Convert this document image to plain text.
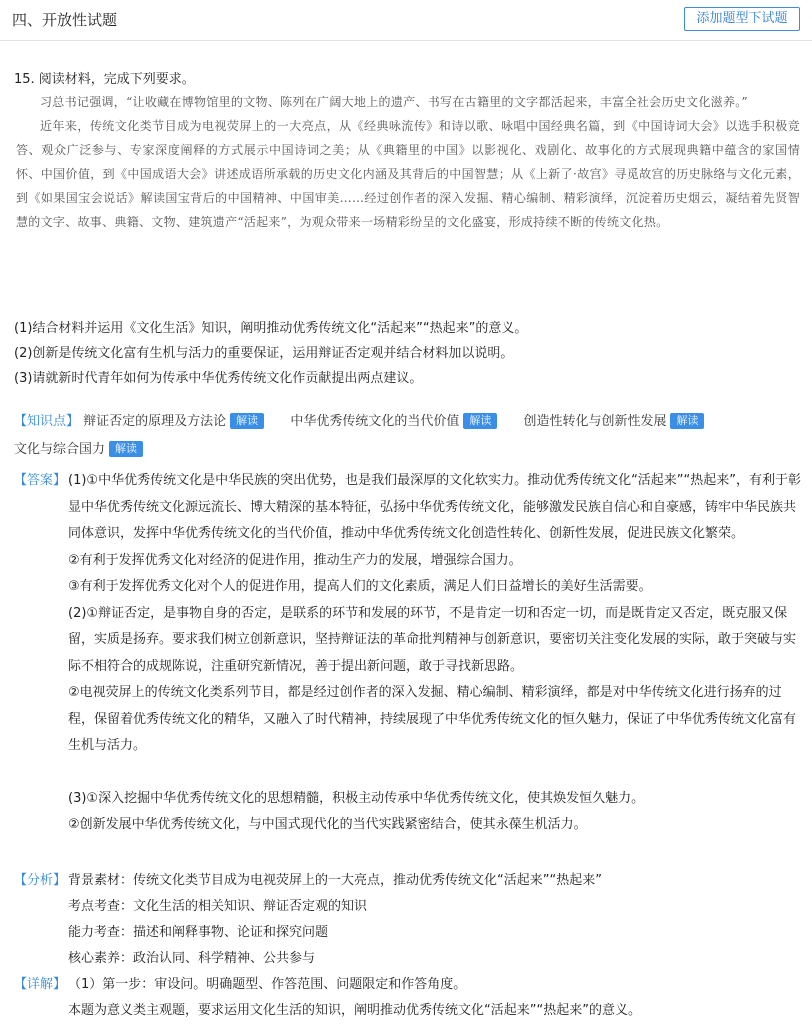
四、开放性试题	添加题型下试题
15. 阅读材料，完成下列要求。

习总书记强调，“让收藏在博物馆里的文物、陈列在广阔大地上的遗产、书写在古籍里的文字都活起来，丰富全社会历史文化滋养。”

近年来，传统文化类节目成为电视荧屏上的一大亮点，从《经典咏流传》和诗以歌、咏唱中国经典名篇，到《中国诗词大会》以选手积极竞答、观众广泛参与、专家深度阐释的方式展示中国诗词之美；从《典籍里的中国》以影视化、戏剧化、故事化的方式展现典籍中蕴含的家国情怀、中国价值，到《中国成语大会》讲述成语所承载的历史文化内涵及其背后的中国智慧；从《上新了·故宫》寻觅故宫的历史脉络与文化元素，到《如果国宝会说话》解读国宝背后的中国精神、中国审美……经过创作者的深入发掘、精心编制、精彩演绎，沉淀着历史烟云，凝结着先贤智慧的文字、故事、典籍、文物、建筑遗产“活起来”，为观众带来一场精彩纷呈的文化盛宴，形成持续不断的传统文化热。

(1)结合材料并运用《文化生活》知识，阐明推动优秀传统文化“活起来”“热起来”的意义。
(2)创新是传统文化富有生机与活力的重要保证，运用辩证否定观并结合材料加以说明。
(3)请就新时代青年如何为传承中华优秀传统文化作贡献提出两点建议。
【知识点】 辩证否定的原理及方法论 解读 中华优秀传统文化的当代价值 解读 创造性转化与创新性发展 解读
文化与综合国力 解读
【答案】 (1)①中华优秀传统文化是中华民族的突出优势，也是我们最深厚的文化软实力。推动优秀传统文化“活起来”“热起来”，有利于彰显中华优秀传统文化源远流长、博大精深的基本特征，弘扬中华优秀传统文化，能够激发民族自信心和自豪感，铸牢中华民族共同体意识，发挥中华优秀传统文化的当代价值，推动中华优秀传统文化创造性转化、创新性发展，促进民族文化繁荣。
②有利于发挥优秀文化对经济的促进作用，推动生产力的发展，增强综合国力。
③有利于发挥优秀文化对个人的促进作用，提高人们的文化素质，满足人们日益增长的美好生活需要。
(2)①辩证否定，是事物自身的否定，是联系的环节和发展的环节，不是肯定一切和否定一切，而是既肯定又否定，既克服又保留，实质是扬弃。要求我们树立创新意识，坚持辩证法的革命批判精神与创新意识，要密切关注变化发展的实际，敢于突破与实际不相符合的成规陈说，注重研究新情况，善于提出新问题，敢于寻找新思路。
②电视荧屏上的传统文化类系列节目，都是经过创作者的深入发掘、精心编制、精彩演绎，都是对中华传统文化进行扬弃的过程，保留着优秀传统文化的精华，又融入了时代精神，持续展现了中华优秀传统文化的恒久魅力，保证了中华优秀传统文化富有生机与活力。
(3)①深入挖掘中华优秀传统文化的思想精髓，积极主动传承中华优秀传统文化，使其焕发恒久魅力。
②创新发展中华优秀传统文化，与中国式现代化的当代实践紧密结合，使其永葆生机活力。
【分析】 背景素材：传统文化类节目成为电视荧屏上的一大亮点，推动优秀传统文化“活起来”“热起来”
考点考查：文化生活的相关知识、辩证否定观的知识
能力考查：描述和阐释事物、论证和探究问题
核心素养：政治认同、科学精神、公共参与
【详解】 （1）第一步：审设问。明确题型、作答范围、问题限定和作答角度。
本题为意义类主观题，要求运用文化生活的知识，阐明推动优秀传统文化“活起来”“热起来”的意义。
